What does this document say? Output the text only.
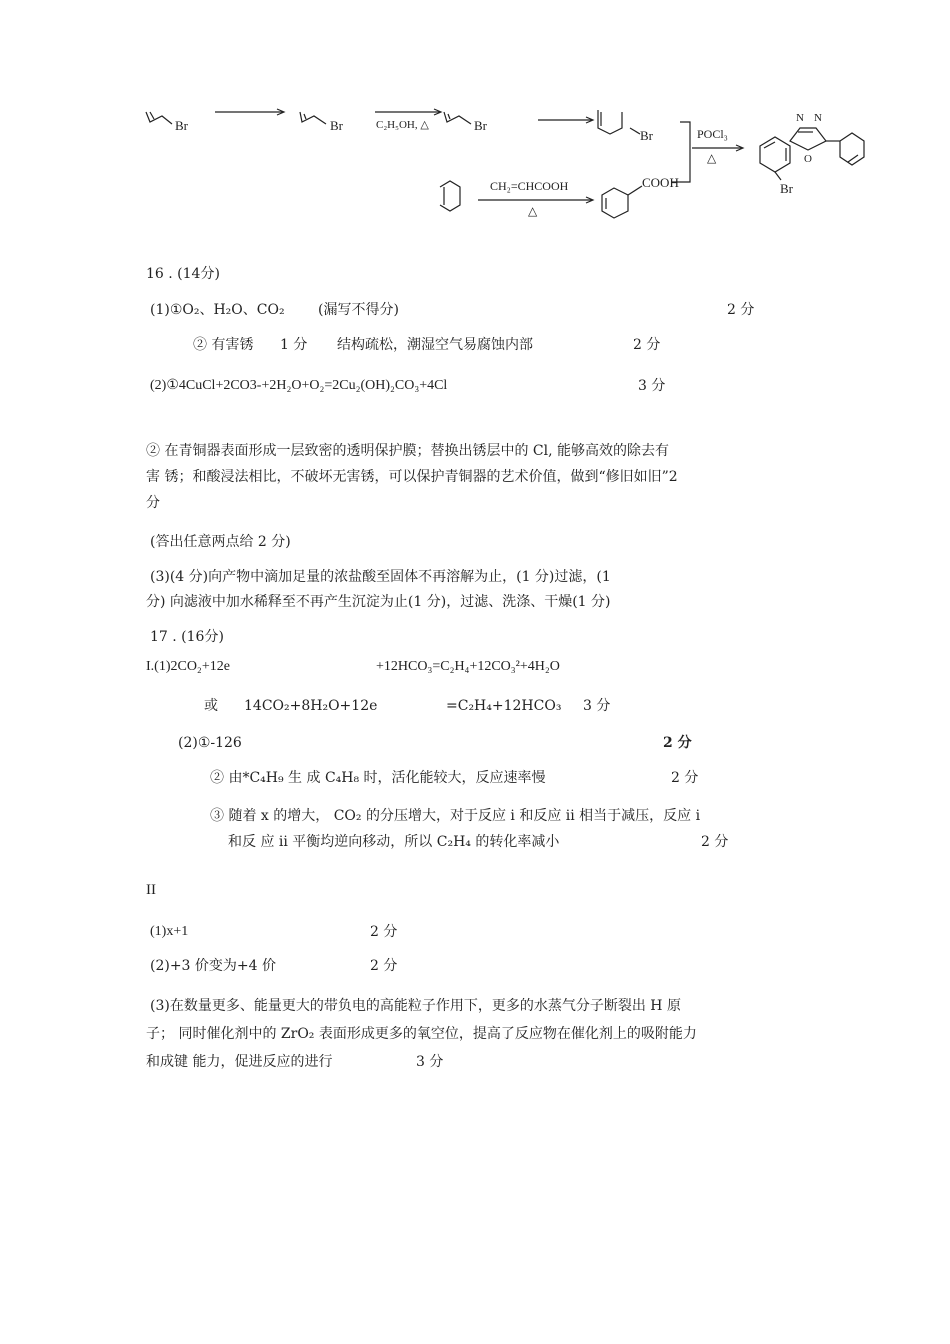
Br	Br	C₂H₅OH, △	Br
Br	POCl₃
△
N N
O
Br
CH₂=CHCOOH
△
COOH
16 . (14分)
(1)①O₂、H₂O、CO₂ (漏写不得分)	2 分
② 有害锈 1 分 结构疏松，潮湿空气易腐蚀内部	2 分
(2)①4CuCl+2CO3-+2H₂O+O₂=2Cu₂(OH)₂CO₃+4Cl	3 分
② 在青铜器表面形成一层致密的透明保护膜；替换出锈层中的 Cl, 能够高效的除去有
害 锈；和酸浸法相比，不破坏无害锈，可以保护青铜器的艺术价值，做到“修旧如旧”2
分
(答出任意两点给 2 分)
(3)(4 分)向产物中滴加足量的浓盐酸至固体不再溶解为止，(1 分)过滤，(1
分) 向滤液中加水稀释至不再产生沉淀为止(1 分)，过滤、洗涤、干燥(1 分)
17 . (16分)
I.(1)2CO₂+12e	+12HCO₃=C₂H₄+12CO₃²+4H₂O
或 14CO₂+8H₂O+12e	=C₂H₄+12HCO₃ 3 分
(2)①-126	2 分
② 由*C₄H₉ 生 成 C₄H₈ 时，活化能较大，反应速率慢	2 分
③ 随着 x 的增大， CO₂ 的分压增大，对于反应 i 和反应 ii 相当于减压，反应 i
和反 应 ii 平衡均逆向移动，所以 C₂H₄ 的转化率减小	2 分
II
(1)x+1	2 分
(2)+3 价变为+4 价	2 分
(3)在数量更多、能量更大的带负电的高能粒子作用下，更多的水蒸气分子断裂出 H 原
子； 同时催化剂中的 ZrO₂ 表面形成更多的氧空位，提高了反应物在催化剂上的吸附能力
和成键 能力，促进反应的进行	3 分
